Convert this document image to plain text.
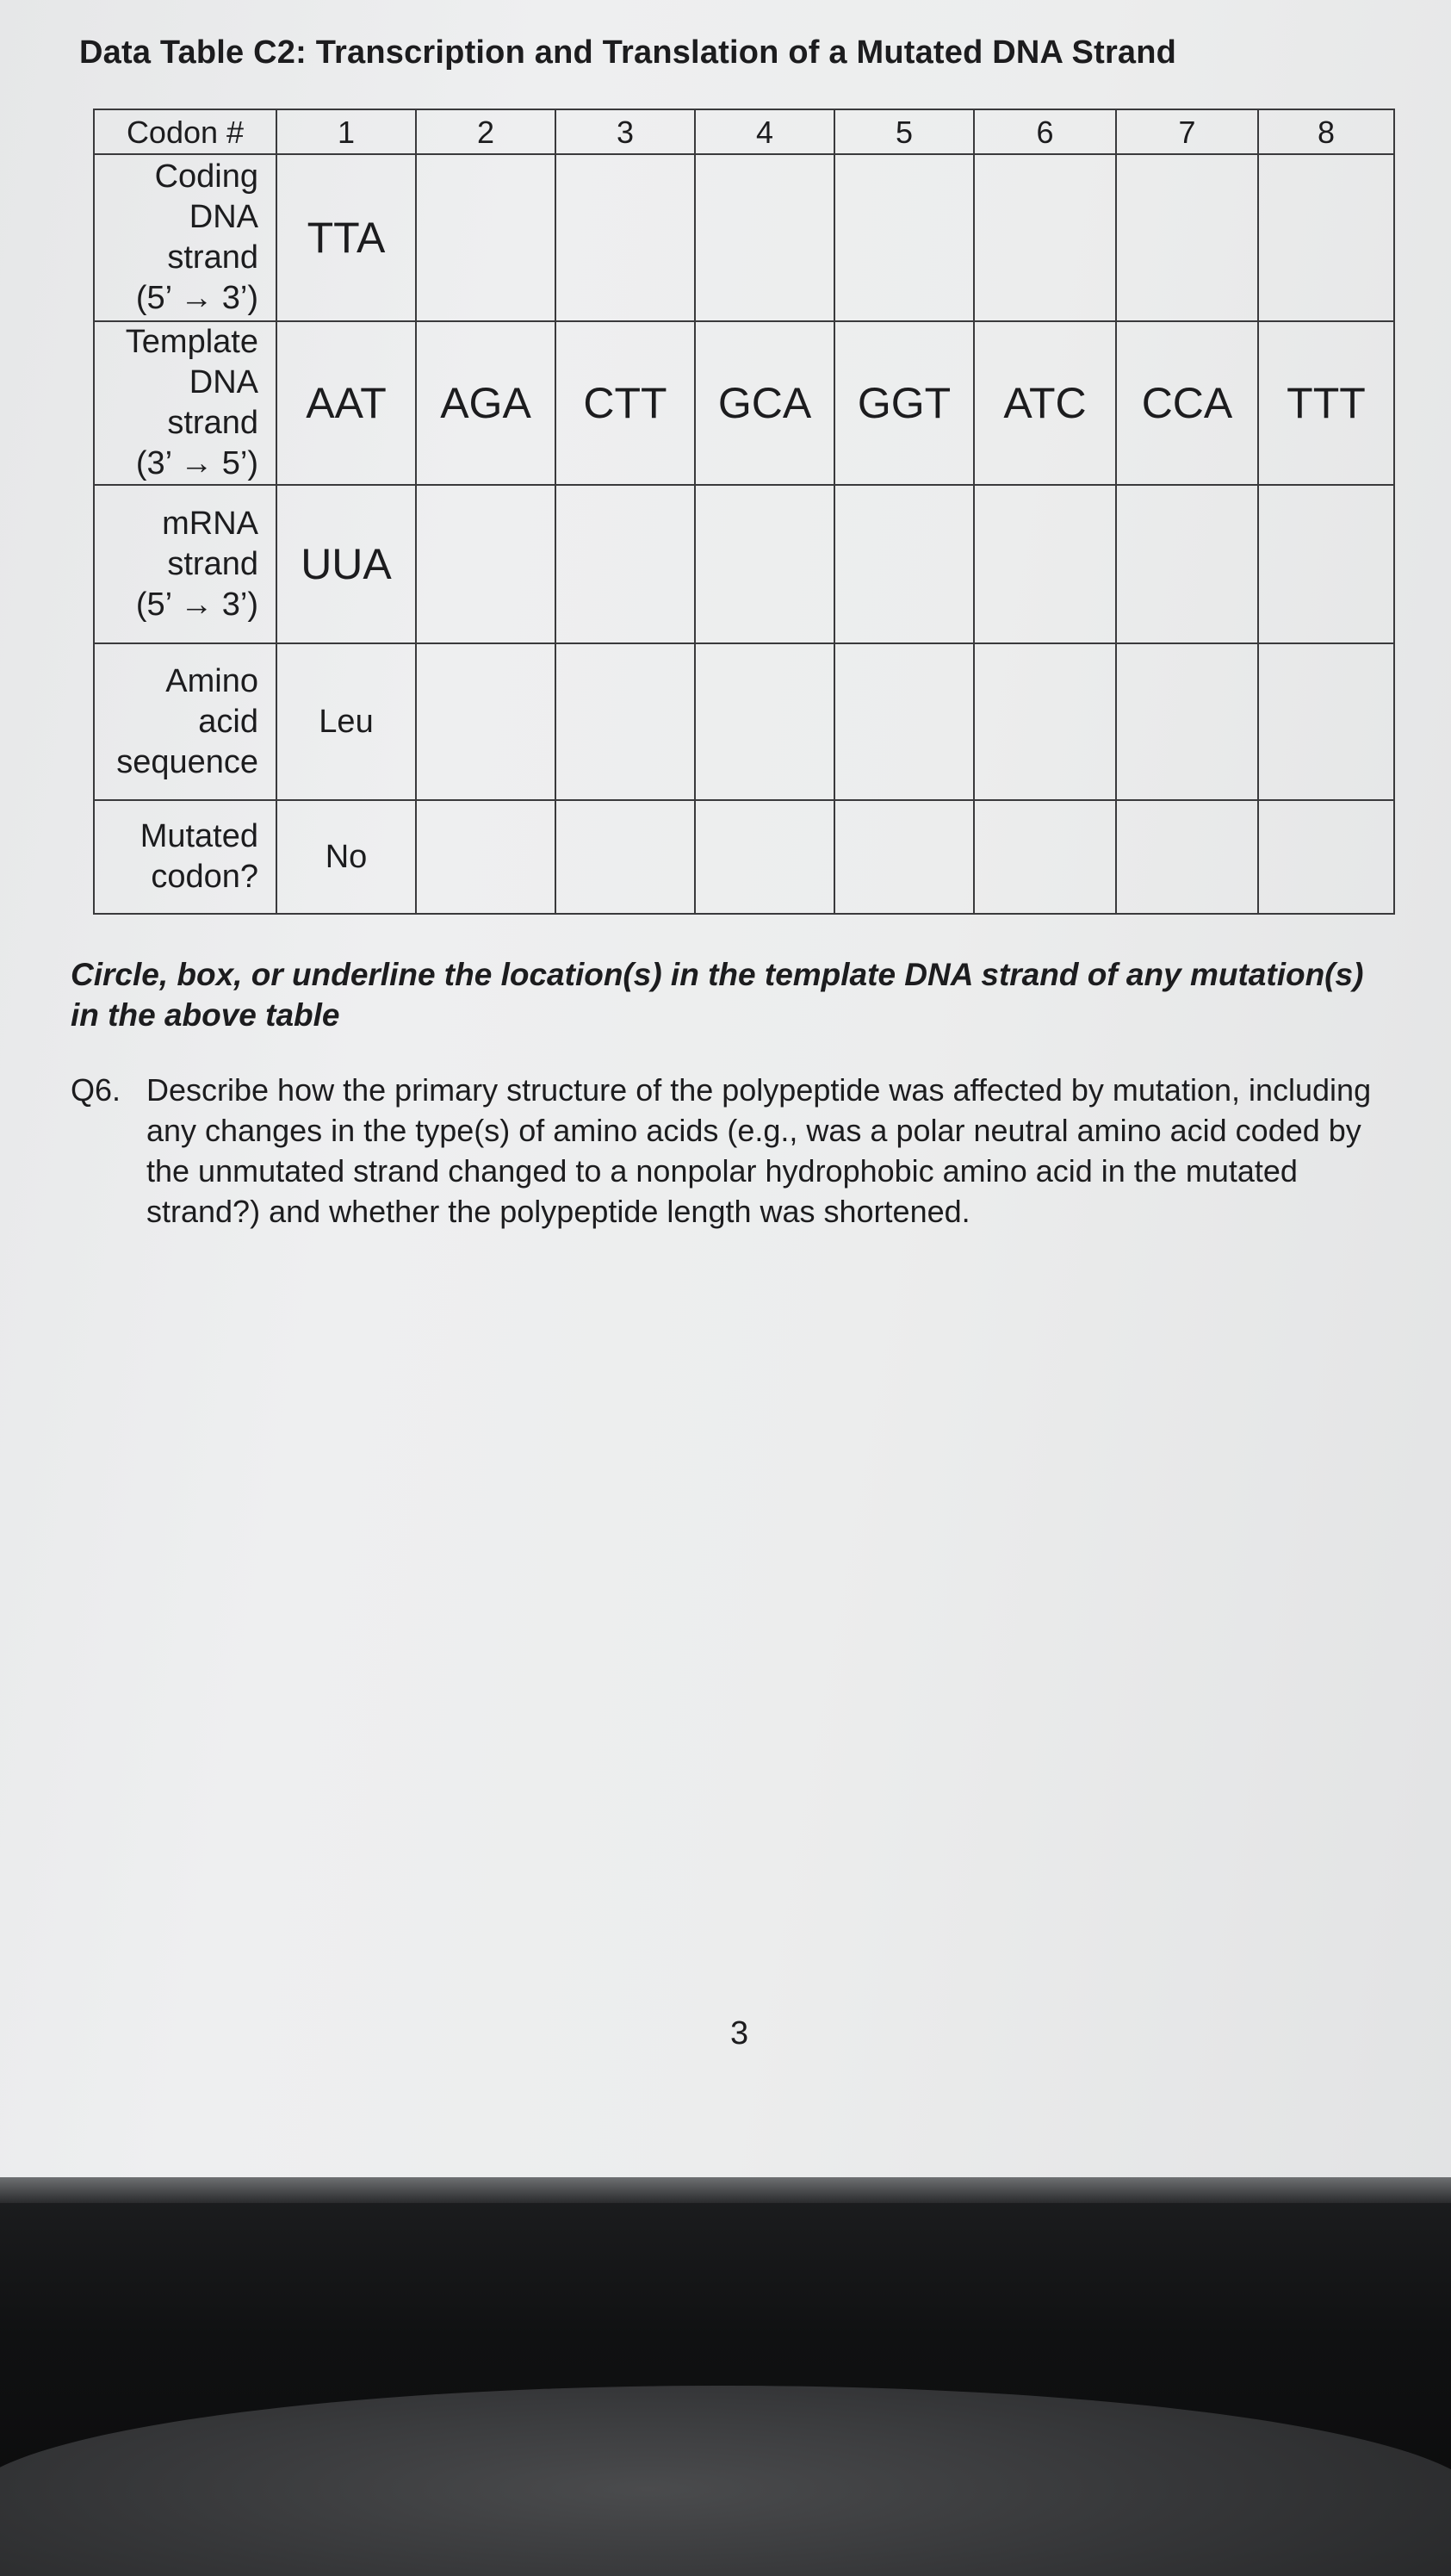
Data Table C2: Transcription and Translation of a Mutated DNA Strand
Codon #	1	2	3	4	5	6	7	8

Coding
DNA
strand
(5’ → 3’)	TTA							

Template
DNA
strand
(3’ → 5’)	AAT	AGA	CTT	GCA	GGT	ATC	CCA	TTT

mRNA
strand
(5’ → 3’)	UUA							

Amino
acid
sequence	Leu							

Mutated
codon?	No							
Circle, box, or underline the location(s) in the template DNA strand of any mutation(s) in the above table
Q6. Describe how the primary structure of the polypeptide was affected by mutation, including any changes in the type(s) of amino acids (e.g., was a polar neutral amino acid coded by the unmutated strand changed to a nonpolar hydrophobic amino acid in the mutated strand?) and whether the polypeptide length was shortened.
3
